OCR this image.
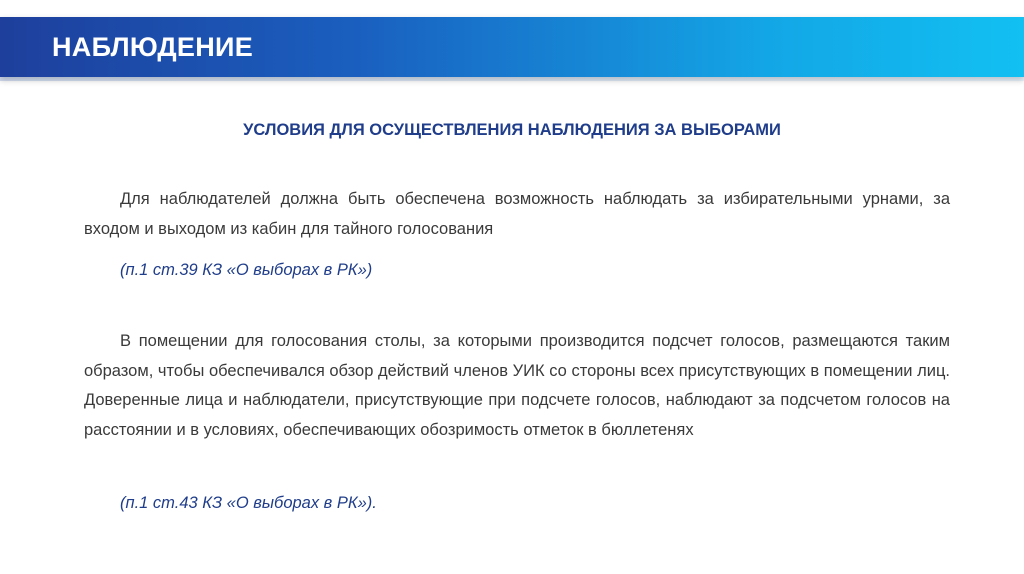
НАБЛЮДЕНИЕ
УСЛОВИЯ ДЛЯ ОСУЩЕСТВЛЕНИЯ НАБЛЮДЕНИЯ ЗА ВЫБОРАМИ

Для наблюдателей должна быть обеспечена возможность наблюдать за избирательными урнами, за входом и выходом из кабин для тайного голосования

(п.1 ст.39 КЗ «О выборах в РК»)

В помещении для голосования столы, за которыми производится подсчет голосов, размещаются таким образом, чтобы обеспечивался обзор действий членов УИК со стороны всех присутствующих в помещении лиц. Доверенные лица и наблюдатели, присутствующие при подсчете голосов, наблюдают за подсчетом голосов на расстоянии и в условиях, обеспечивающих обозримость отметок в бюллетенях

(п.1 ст.43 КЗ «О выборах в РК»).
